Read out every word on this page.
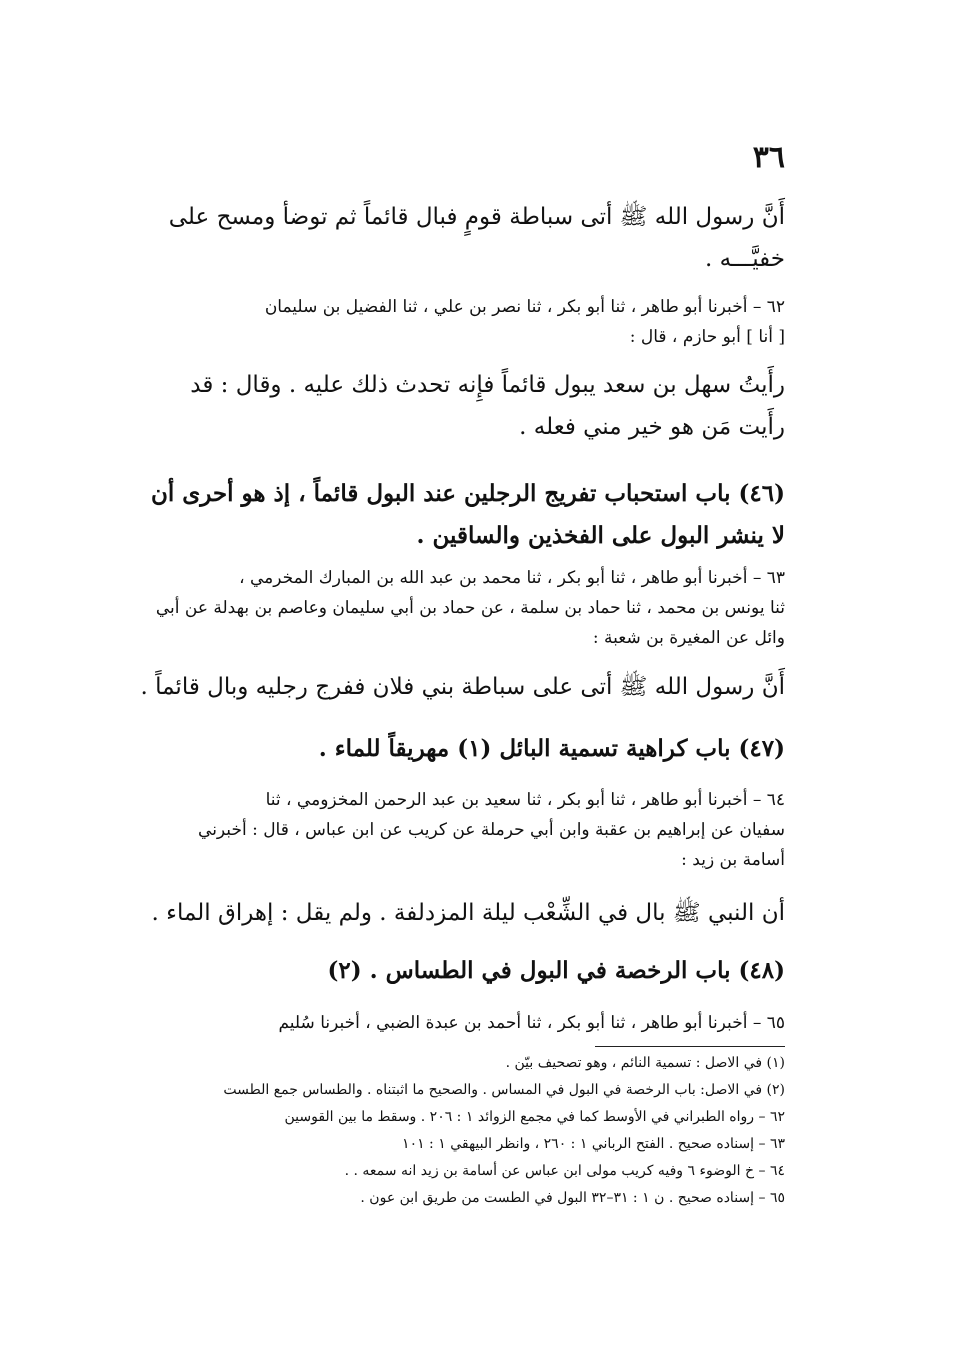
٣٦
أَنَّ رسول الله ﷺ أتى سباطة قومٍ فبال قائماً ثم توضأ ومسح على
خفيَّـــه .
٦٢ – أخبرنا أبو طاهر ، ثنا أبو بكر ، ثنا نصر بن علي ، ثنا الفضيل بن سليمان
[ أنا ] أبو حازم ، قال :
رأَيتُ سهل بن سعد يبول قائماً فإِنه تحدث ذلك عليه . وقال : قد
رأَيت مَن هو خير مني فعله .
(٤٦) باب استحباب تفريج الرجلين عند البول قائماً ، إذ هو أحرى أن
لا ينشر البول على الفخذين والساقين .
٦٣ – أخبرنا أبو طاهر ، ثنا أبو بكر ، ثنا محمد بن عبد الله بن المبارك المخرمي ،
ثنا يونس بن محمد ، ثنا حماد بن سلمة ، عن حماد بن أبي سليمان وعاصم بن بهدلة عن أبي
وائل عن المغيرة بن شعبة :
أَنَّ رسول الله ﷺ أتى على سباطة بني فلان ففرج رجليه وبال قائماً .
(٤٧) باب كراهية تسمية البائل (١) مهريقاً للماء .
٦٤ – أخبرنا أبو طاهر ، ثنا أبو بكر ، ثنا سعيد بن عبد الرحمن المخزومي ، ثنا
سفيان عن إبراهيم بن عقبة وابن أبي حرملة عن كريب عن ابن عباس ، قال : أخبرني
أسامة بن زيد :
أن النبي ﷺ بال في الشِّعْب ليلة المزدلفة . ولم يقل : إهراق الماء .
(٤٨) باب الرخصة في البول في الطساس . (٢)
٦٥ – أخبرنا أبو طاهر ، ثنا أبو بكر ، ثنا أحمد بن عبدة الضبي ، أخبرنا سُليم
(١) في الاصل : تسمية النائم ، وهو تصحيف بيّن .
(٢) في الاصل: باب الرخصة في البول في المساس . والصحيح ما اثبتناه . والطساس جمع الطست
٦٢ – رواه الطبراني في الأوسط كما في مجمع الزوائد ١ : ٢٠٦ . وسقط ما بين القوسين
٦٣ – إسناده صحيح . الفتح الرباني ١ : ٢٦٠ ، وانظر البيهقي ١ : ١٠١
٦٤ – خ الوضوء ٦ وفيه كريب مولى ابن عباس عن أسامة بن زيد انه سمعه . .
٦٥ – إسناده صحيح . ن ١ : ٣١–٣٢ البول في الطست من طريق ابن عون .
